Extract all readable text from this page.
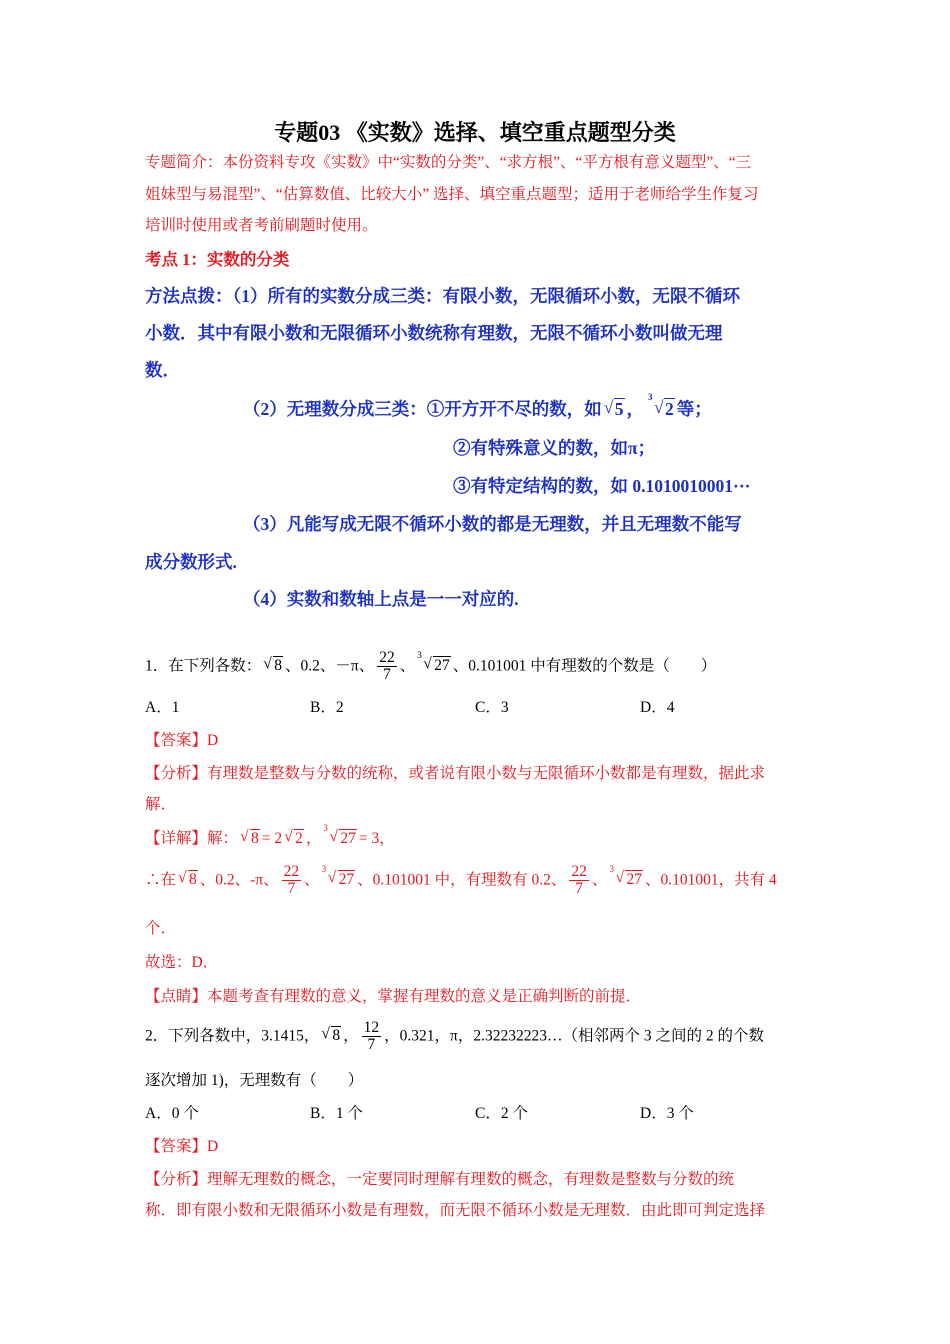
专题03 《实数》选择、填空重点题型分类
专题简介：本份资料专攻《实数》中“实数的分类”、“求方根”、“平方根有意义题型”、“三
姐妹型与易混型”、“估算数值、比较大小” 选择、填空重点题型；适用于老师给学生作复习
培训时使用或者考前刷题时使用。
考点 1：实数的分类
方法点拨：（1）所有的实数分成三类：有限小数，无限循环小数，无限不循环
小数．其中有限小数和无限循环小数统称有理数，无限不循环小数叫做无理
数．
（2）无理数分成三类：①开方开不尽的数，如 √ 5 ，
3 √ 2 等；
②有特殊意义的数，如π；
③有特定结构的数，如 0.1010010001···
（3）凡能写成无限不循环小数的都是无理数，并且无理数不能写
成分数形式.
（4）实数和数轴上点是一一对应的.
1．在下列各数： √ 8 、0.2、－π、 $\frac{22}{7}$ 、
3 √ 27 、0.101001 中有理数的个数是（　　）
A．1	B．2	C．3	D．4
【答案】D
【分析】有理数是整数与分数的统称，或者说有限小数与无限循环小数都是有理数，据此求
解．
【详解】解： √ 8 = 2 √ 2 ，
3 √ 27 = 3，
∴在 √ 8 、0.2、-π、 $\frac{22}{7}$ 、
3 √ 27 、0.101001 中，有理数有 0.2、 $\frac{22}{7}$ 、
3 √ 27 、0.101001，共有 4
个．
故选：D．
【点睛】本题考查有理数的意义，掌握有理数的意义是正确判断的前提．
2．下列各数中，3.1415， √ 8 ， $\frac{12}{7}$ ，0.321，π，2.32232223…（相邻两个 3 之间的 2 的个数
逐次增加 1)，无理数有（　　）
A．0 个	B．1 个	C．2 个	D．3 个
【答案】D
【分析】理解无理数的概念，一定要同时理解有理数的概念，有理数是整数与分数的统
称．即有限小数和无限循环小数是有理数，而无限不循环小数是无理数．由此即可判定选择
